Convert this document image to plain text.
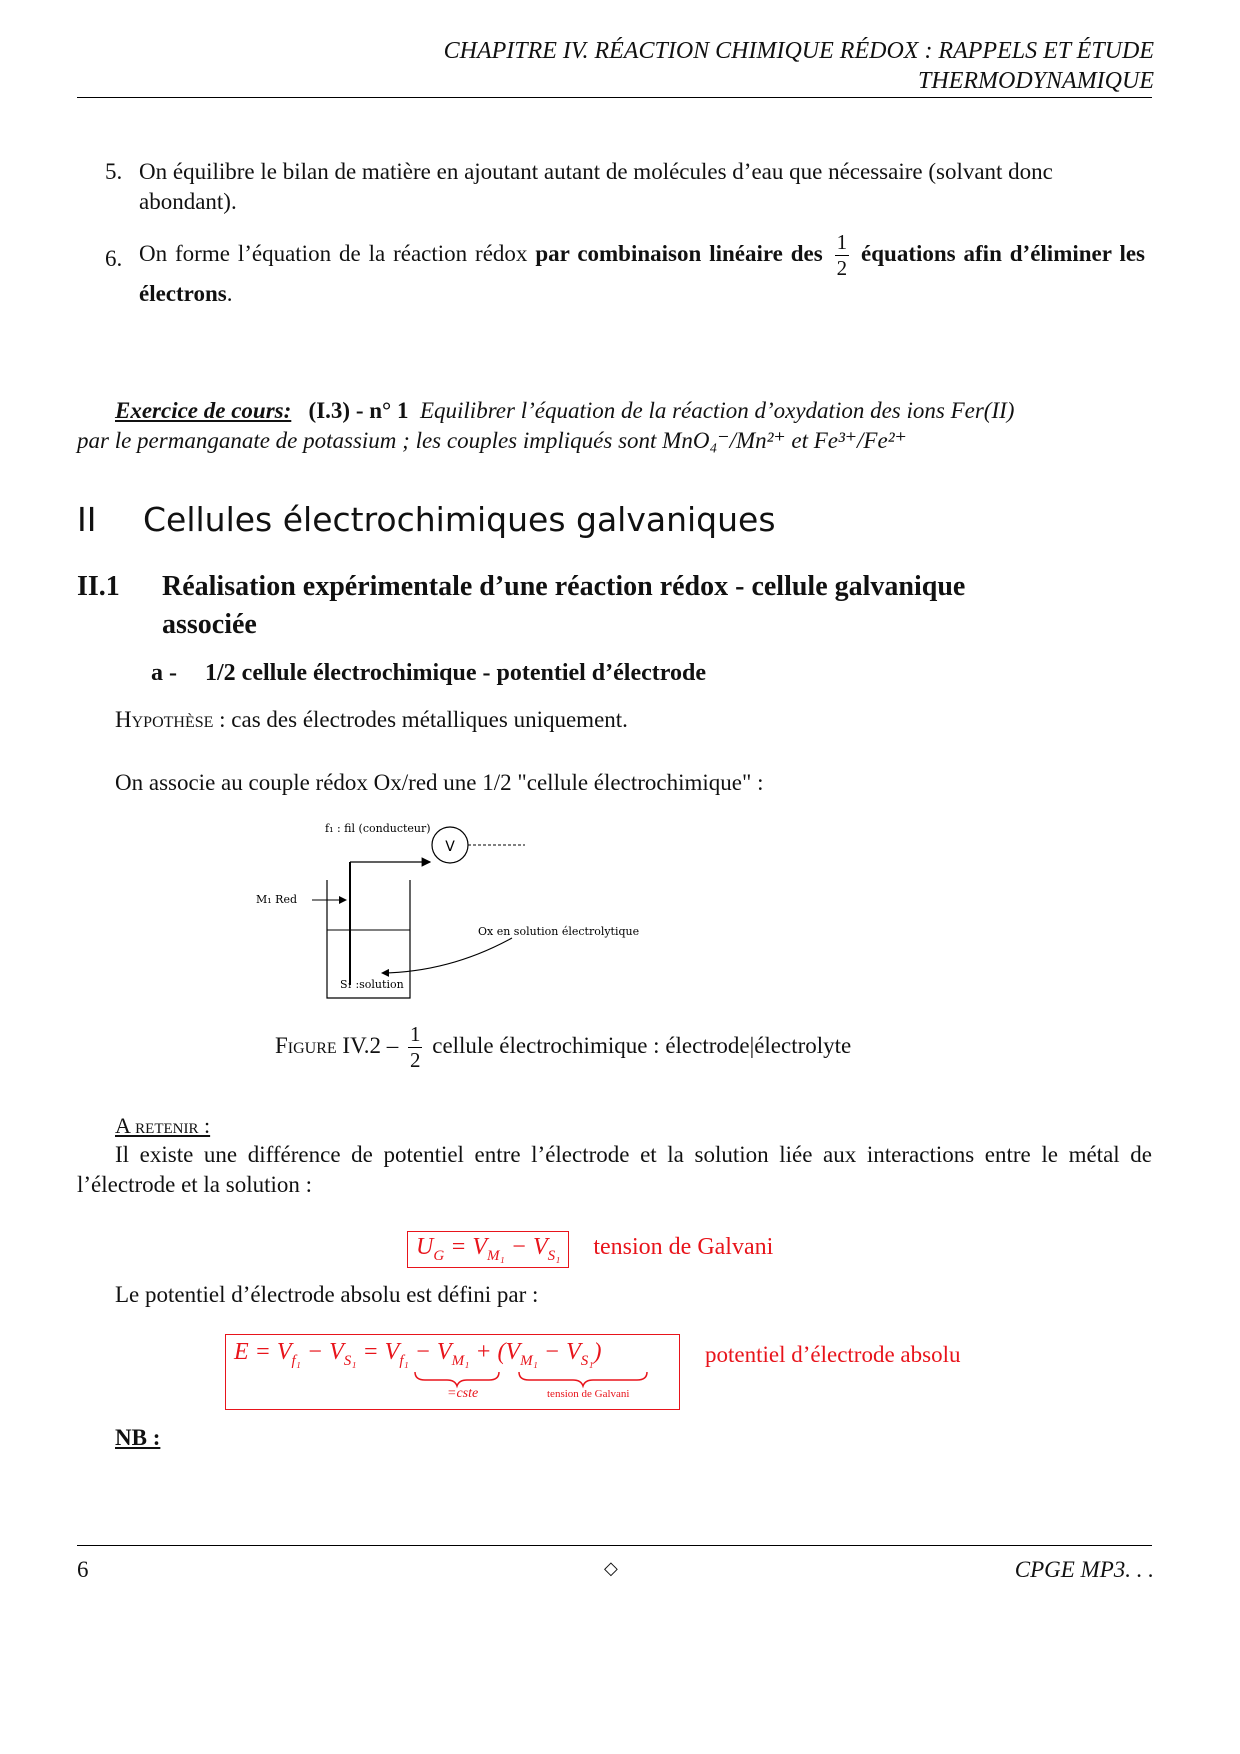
CHAPITRE IV. RÉACTION CHIMIQUE RÉDOX : RAPPELS ET ÉTUDE
THERMODYNAMIQUE
5. On équilibre le bilan de matière en ajoutant autant de molécules d’eau que nécessaire (solvant donc abondant).
6. On forme l’équation de la réaction rédox par combinaison linéaire des $\frac{1}{2}$ équations afin d’éliminer les électrons.
Exercice de cours: (I.3) - n° 1 Equilibrer l’équation de la réaction d’oxydation des ions Fer(II)
par le permanganate de potassium ; les couples impliqués sont MnO₄⁻/Mn²⁺ et Fe³⁺/Fe²⁺
II Cellules électrochimiques galvaniques
II.1 Réalisation expérimentale d’une réaction rédox - cellule galvanique
associée
a - 1/2 cellule électrochimique - potentiel d’électrode
Hypothèse : cas des électrodes métalliques uniquement.
On associe au couple rédox Ox/red une 1/2 "cellule électrochimique" :
V
f₁ : fil (conducteur)
M₁ Red
Ox en solution électrolytique
S₁ :solution
Figure $IV.2 - \frac{1}{2}$ cellule électrochimique : électrode|électrolyte
A retenir :
Il existe une différence de potentiel entre l’électrode et la solution liée aux interactions entre le métal de l’électrode et la solution :
$U_G = V_{M_1} - V_{S_1}$ tension de Galvani
Le potentiel d’électrode absolu est défini par :
$E = V_{f_1} - V_{S_1} = V_{f_1} - V_{M_1} + (V_{M_1} - V_{S_1})$
=cste	tension de Galvani
potentiel d’électrode absolu
NB :
6	◇	CPGE MP3. . .
